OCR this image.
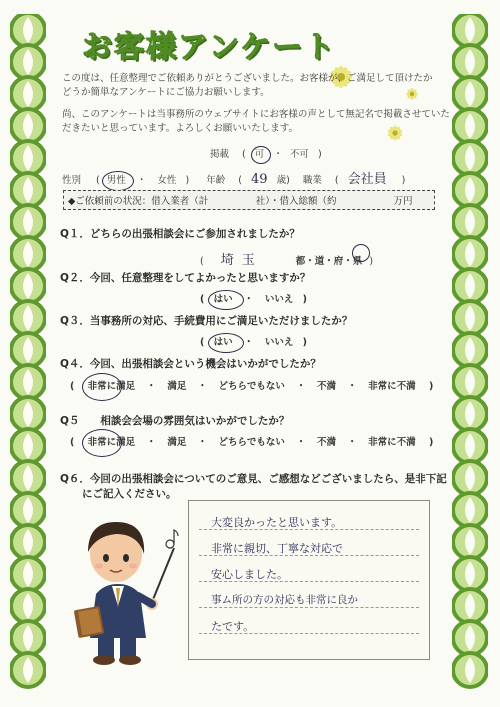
お客様アンケート
この度は、任意整理でご依頼ありがとうございました。お客様が、ご満足して頂けたか
どうか簡単なアンケートにご協力お願いします。
尚、このアンケートは当事務所のウェブサイトにお客様の声として無記名で掲載させていた
だきたいと思っています。よろしくお願いいたします。
掲載 ( 可 ・ 不可 )
性別 ( 男性 ・ 女性 ) 年齢 ( 49 歳) 職業 ( 会社員 )
◆ご依頼前の状況：借入業者（計　　　　　社）・借入総額（約　　　　　　万円
Q１．どちらの出張相談会にご参加されましたか？
( 埼玉	都・道・府・県 )
Q２．今回、任意整理をしてよかったと思いますか？
( はい ・ いいえ )
Q３．当事務所の対応、手続費用にご満足いただけましたか？
( はい ・ いいえ )
Q４．今回、出張相談会という機会はいかがでしたか？
( 非常に満足 ・ 満足 ・ どちらでもない ・ 不満 ・ 非常に不満 )
Q５　　相談会会場の雰囲気はいかがでしたか？
( 非常に満足 ・ 満足 ・ どちらでもない ・ 不満 ・ 非常に不満 )
Q６．今回の出張相談会についてのご意見、ご感想などございましたら、是非下記
にご記入ください。
大変良かったと思います。
非常に親切、丁寧な対応で
安心しました。
事ム所の方の対応も非常に良か
たです。
